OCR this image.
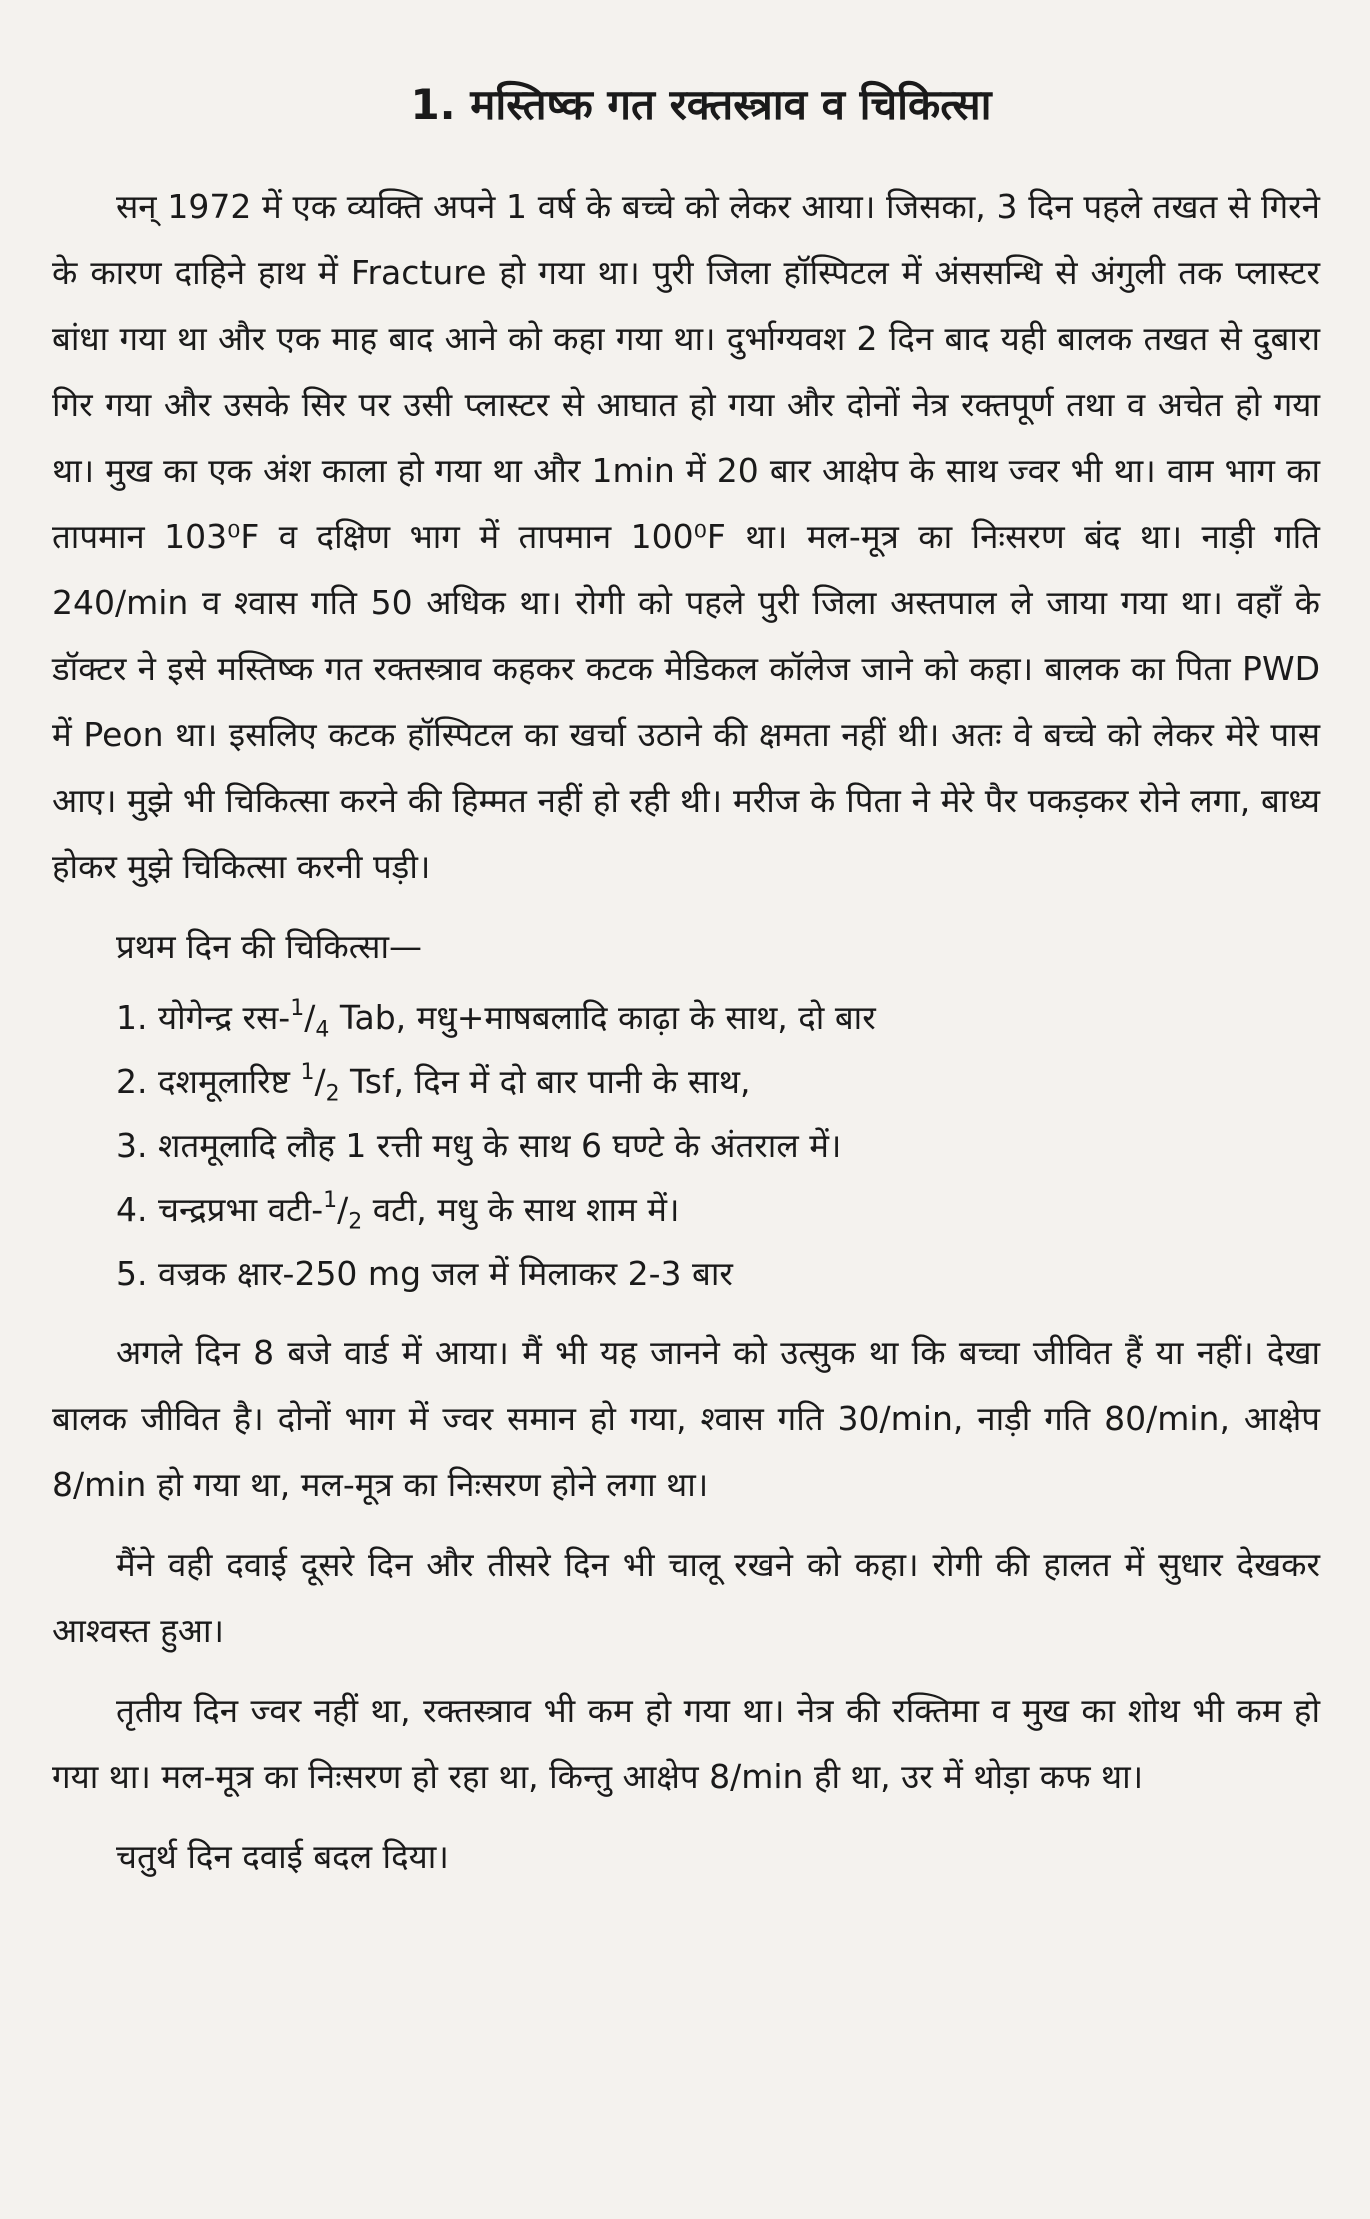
1. मस्तिष्क गत रक्तस्त्राव व चिकित्सा

सन् 1972 में एक व्यक्ति अपने 1 वर्ष के बच्चे को लेकर आया। जिसका, 3 दिन पहले तखत से गिरने के कारण दाहिने हाथ में Fracture हो गया था। पुरी जिला हॉस्पिटल में अंससन्धि से अंगुली तक प्लास्टर बांधा गया था और एक माह बाद आने को कहा गया था। दुर्भाग्यवश 2 दिन बाद यही बालक तखत से दुबारा गिर गया और उसके सिर पर उसी प्लास्टर से आघात हो गया और दोनों नेत्र रक्तपूर्ण तथा व अचेत हो गया था। मुख का एक अंश काला हो गया था और 1min में 20 बार आक्षेप के साथ ज्वर भी था। वाम भाग का तापमान 103⁰F व दक्षिण भाग में तापमान 100⁰F था। मल-मूत्र का निःसरण बंद था। नाड़ी गति 240/min व श्वास गति 50 अधिक था। रोगी को पहले पुरी जिला अस्तपाल ले जाया गया था। वहाँ के डॉक्टर ने इसे मस्तिष्क गत रक्तस्त्राव कहकर कटक मेडिकल कॉलेज जाने को कहा। बालक का पिता PWD में Peon था। इसलिए कटक हॉस्पिटल का खर्चा उठाने की क्षमता नहीं थी। अतः वे बच्चे को लेकर मेरे पास आए। मुझे भी चिकित्सा करने की हिम्मत नहीं हो रही थी। मरीज के पिता ने मेरे पैर पकड़कर रोने लगा, बाध्य होकर मुझे चिकित्सा करनी पड़ी।

प्रथम दिन की चिकित्सा—
1. योगेन्द्र $रस-^1/_4$ Tab, मधु+माषबलादि काढ़ा के साथ, दो बार
2. दशमूलारिष्ट $^1/_2$ Tsf, दिन में दो बार पानी के साथ,
3. शतमूलादि लौह 1 रत्ती मधु के साथ 6 घण्टे के अंतराल में।
4. चन्द्रप्रभा $वटी-^1/_2$ वटी, मधु के साथ शाम में।
5. वज्रक क्षार-250 mg जल में मिलाकर 2-3 बार

अगले दिन 8 बजे वार्ड में आया। मैं भी यह जानने को उत्सुक था कि बच्चा जीवित हैं या नहीं। देखा बालक जीवित है। दोनों भाग में ज्वर समान हो गया, श्वास गति 30/min, नाड़ी गति 80/min, आक्षेप 8/min हो गया था, मल-मूत्र का निःसरण होने लगा था।

मैंने वही दवाई दूसरे दिन और तीसरे दिन भी चालू रखने को कहा। रोगी की हालत में सुधार देखकर आश्वस्त हुआ।

तृतीय दिन ज्वर नहीं था, रक्तस्त्राव भी कम हो गया था। नेत्र की रक्तिमा व मुख का शोथ भी कम हो गया था। मल-मूत्र का निःसरण हो रहा था, किन्तु आक्षेप 8/min ही था, उर में थोड़ा कफ था।

चतुर्थ दिन दवाई बदल दिया।
